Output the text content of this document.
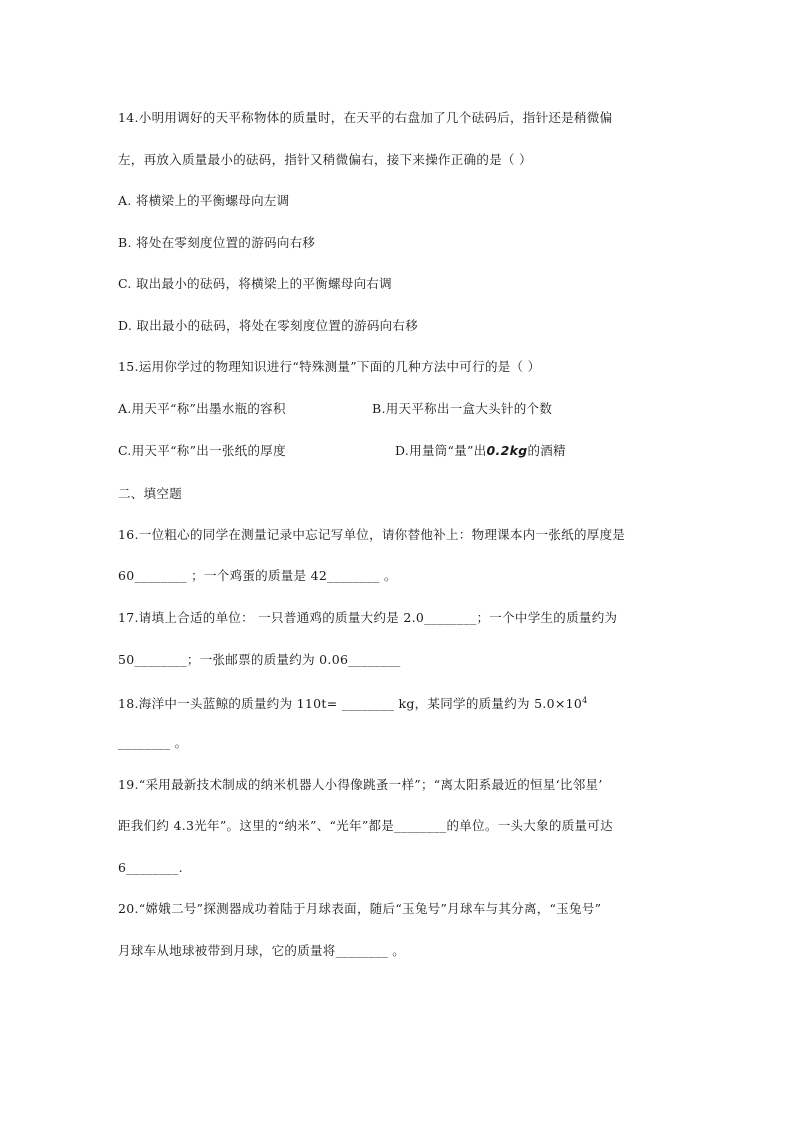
14.小明用调好的天平称物体的质量时，在天平的右盘加了几个砝码后，指针还是稍微偏
左，再放入质量最小的砝码，指针又稍微偏右，接下来操作正确的是（ ）
A. 将横梁上的平衡螺母向左调
B. 将处在零刻度位置的游码向右移
C. 取出最小的砝码，将横梁上的平衡螺母向右调
D. 取出最小的砝码，将处在零刻度位置的游码向右移
15.运用你学过的物理知识进行“特殊测量”下面的几种方法中可行的是（ ）
A.用天平“称”出墨水瓶的容积	B.用天平称出一盒大头针的个数
C.用天平“称”出一张纸的厚度	D.用量筒“量”出0.2kg的酒精
二、填空题
16.一位粗心的同学在测量记录中忘记写单位，请你替他补上：物理课本内一张纸的厚度是
60________ ；一个鸡蛋的质量是 42________ 。
17.请填上合适的单位： 一只普通鸡的质量大约是 2.0________；一个中学生的质量约为
50________；一张邮票的质量约为 0.06________
18.海洋中一头蓝鲸的质量约为 110t= ________ kg，某同学的质量约为 $5.0\times 10^4$
________ 。
19.“采用最新技术制成的纳米机器人小得像跳蚤一样”；“离太阳系最近的恒星‘比邻星’
距我们约 4.3光年”。这里的“纳米”、“光年”都是________的单位。一头大象的质量可达
6________.
20.“嫦娥二号”探测器成功着陆于月球表面，随后“玉兔号”月球车与其分离，“玉兔号”
月球车从地球被带到月球，它的质量将________ 。
